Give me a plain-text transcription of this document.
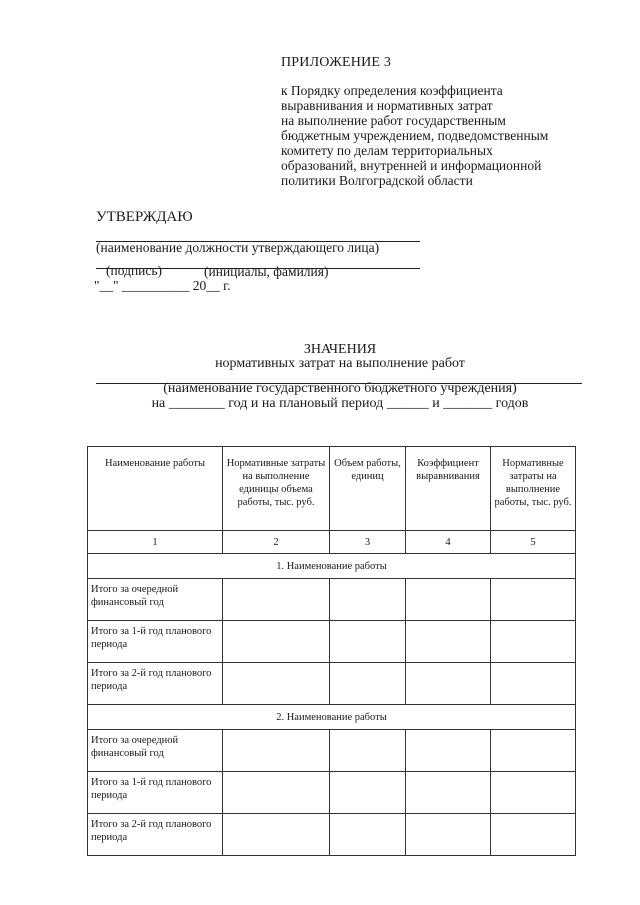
ПРИЛОЖЕНИЕ 3
к Порядку определения коэффициента
выравнивания и нормативных затрат
на выполнение работ государственным
бюджетным учреждением, подведомственным
комитету по делам территориальных
образований, внутренней и информационной
политики Волгоградской области
УТВЕРЖДАЮ
(наименование должности утверждающего лица)
(подпись)	(инициалы, фамилия)
"__" __________ 20__ г.
ЗНАЧЕНИЯ
нормативных затрат на выполнение работ
(наименование государственного бюджетного учреждения)
на ________ год и на плановый период ______ и _______ годов
Наименование работы	Нормативные затраты на выполнение единицы объема работы, тыс. руб.	Объем работы, единиц	Коэффициент выравнивания	Нормативные затраты на выполнение работы, тыс. руб.
1	2	3	4	5
1. Наименование работы				
Итого за очередной финансовый год				
Итого за 1-й год планового периода				
Итого за 2-й год планового периода				
2. Наименование работы				
Итого за очередной финансовый год				
Итого за 1-й год планового периода				
Итого за 2-й год планового периода				
